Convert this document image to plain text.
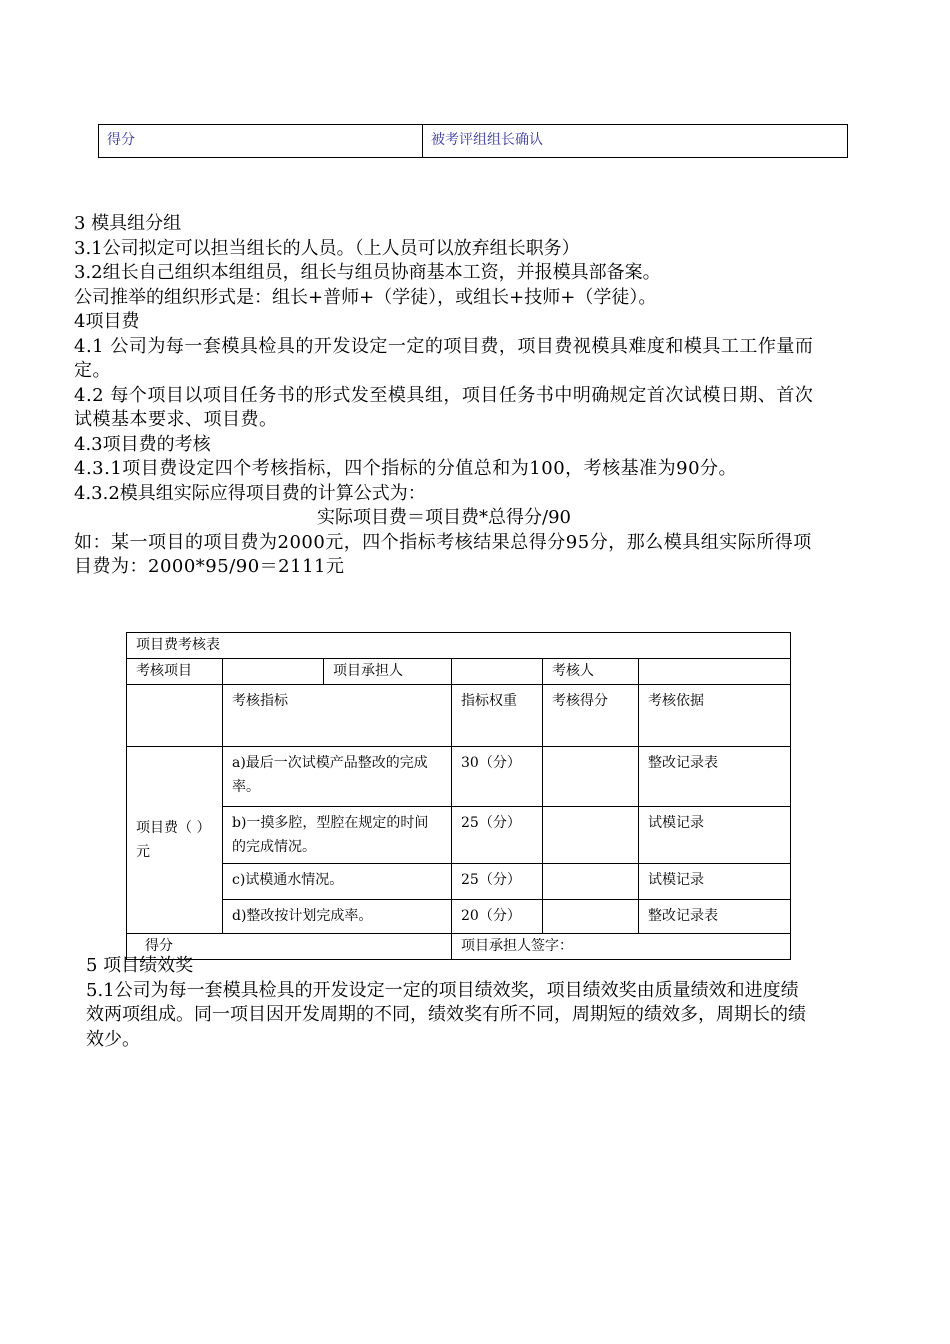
得分	被考评组组长确认

3 模具组分组

3.1公司拟定可以担当组长的人员。（上人员可以放弃组长职务）

3.2组长自己组织本组组员，组长与组员协商基本工资，并报模具部备案。

公司推举的组织形式是：组长+普师+（学徒），或组长+技师+（学徒）。

4项目费

4.1 公司为每一套模具检具的开发设定一定的项目费，项目费视模具难度和模具工工作量而定。

4.2 每个项目以项目任务书的形式发至模具组，项目任务书中明确规定首次试模日期、首次试模基本要求、项目费。

4.3项目费的考核

4.3.1项目费设定四个考核指标，四个指标的分值总和为100，考核基准为90分。

4.3.2模具组实际应得项目费的计算公式为：

实际项目费＝项目费*总得分/90

如：某一项目的项目费为2000元，四个指标考核结果总得分95分，那么模具组实际所得项目费为：2000*95/90＝2111元

项目费考核表					
考核项目		项目承担人		考核人	
	考核指标		指标权重	考核得分	考核依据
项目费（ ）元	a)最后一次试模产品整改的完成率。		30（分）		整改记录表
	b)一摸多腔，型腔在规定的时间的完成情况。		25（分）		试模记录
	c)试模通水情况。		25（分）		试模记录
	d)整改按计划完成率。		20（分）		整改记录表
得分			项目承担人签字：		

5 项目绩效奖

5.1公司为每一套模具检具的开发设定一定的项目绩效奖，项目绩效奖由质量绩效和进度绩效两项组成。同一项目因开发周期的不同，绩效奖有所不同，周期短的绩效多，周期长的绩效少。
